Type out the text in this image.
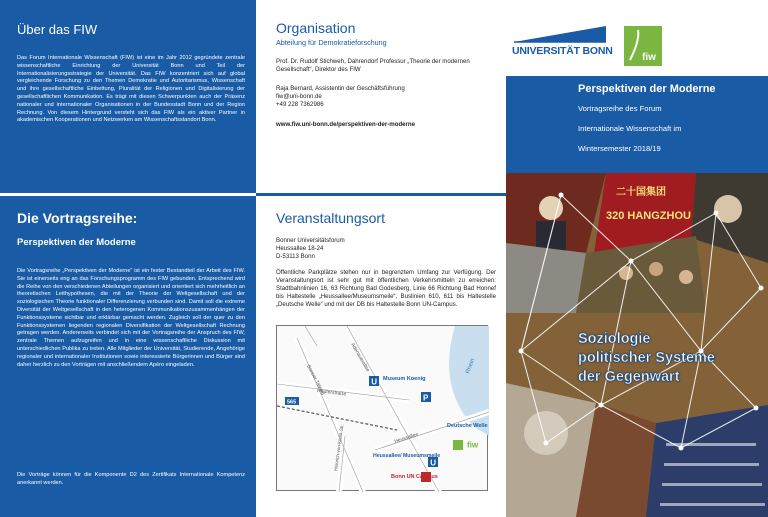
Über das FIW
Das Forum Internationale Wissenschaft (FIW) ist eine im Jahr 2012 gegründete zentrale wissenschaftliche Einrichtung der Universität Bonn und Teil der Internationalisierungsstrategie der Universität. Das FIW konzentriert sich auf global vergleichende Forschung zu den Themen Demokratie und Autoritarismus, Wissenschaft und ihre gesellschaftliche Einbettung, Pluralität der Religionen und Digitalisierung der gesellschaftlichen Kommunikation. Es trägt mit diesen Schwerpunkten auch der Präsenz nationaler und internationaler Organisationen in der Bundesstadt Bonn und der Region Rechnung. Von diesem Hintergrund versteht sich das FIW als ein aktiver Partner in akademischen Kooperationen und Netzwerken am Wissenschaftsstandort Bonn.
Die Vortragsreihe:
Perspektiven der Moderne
Die Vortragsreihe „Perspektiven der Moderne“ ist ein fester Bestandteil der Arbeit des FIW. Sie ist einerseits eng an das Forschungsprogramm des FIW gebunden. Entsprechend wird die Reihe von den verschiedenen Abteilungen organisiert und orientiert sich mehrheitlich an theoretischen Leithypothesen, die mit der Theorie der Weltgesellschaft und der soziologischen Theorie funktionaler Differenzierung verbunden sind. Damit soll die extreme Diversität der Weltgesellschaft in den heterogenen Kommunikationszusammenhängen der Funktionssysteme sichtbar und erklärbar gemacht werden. Zugleich soll der quer zu den Funktionssystemen liegenden regionalen Diversifikation der Weltgesellschaft Rechnung getragen werden. Andererseits verbindet sich mit der Vortragsreihe der Anspruch des FIW, zentrale Themen aufzugreifen und in eine wissenschaftliche Diskussion mit unterschiedlichen Publika zu treten. Alle Mitglieder der Universität, Studierende, Angehörige regionaler und internationaler Institutionen sowie interessierte Bürgerinnen und Bürger sind daher herzlich zu den Vorträgen mit anschließendem Apéro eingeladen.
Die Vorträge können für die Komponente D2 des Zertifikats Internationale Kompetenz anerkannt werden.
Organisation
Abteilung für Demokratieforschung
Prof. Dr. Rudolf Stichweh, Dahrendorf Professur „Theorie der modernen Gesellschaft“, Direktor des FIW
Raja Bernard, Assistentin der Geschäftsführung
fiw@uni-bonn.de
+49 228 7362986
www.fiw.uni-bonn.de/perspektiven-der-moderne
Veranstaltungsort
Bonner Universitätsforum
Heussallee 18-24
D-53113 Bonn
Öffentliche Parkplätze stehen nur in begrenztem Umfang zur Verfügung. Der Veranstaltungsort ist sehr gut mit öffentlichen Verkehrsmitteln zu erreichen: Stadtbahnlinien 16, 63 Richtung Bad Godesberg, Linie 66 Richtung Bad Honnef bis Haltestelle „Heussallee/Museumsmeile“, Buslinien 610, 611 bis Haltestelle „Deutsche Welle“ und mit der DB bis Haltestelle Bonn UN-Campus.
Bonner Talweg
Adenauerallee
Reuterstraße
Heussallee
Heinrich-von-Kleist-Str.
Rhein
565
U Museum Koenig
P
Deutsche Welle
U
Heussallee/ Museumsmeile
Bonn UN Campus
fiw
fiw
UNIVERSITÄT BONN
Perspektiven der Moderne
Vortragsreihe des Forum
Internationale Wissenschaft im
Wintersemester 2018/19
二十国集团
320 HANGZHOU
Soziologie
politischer Systeme
der Gegenwart
